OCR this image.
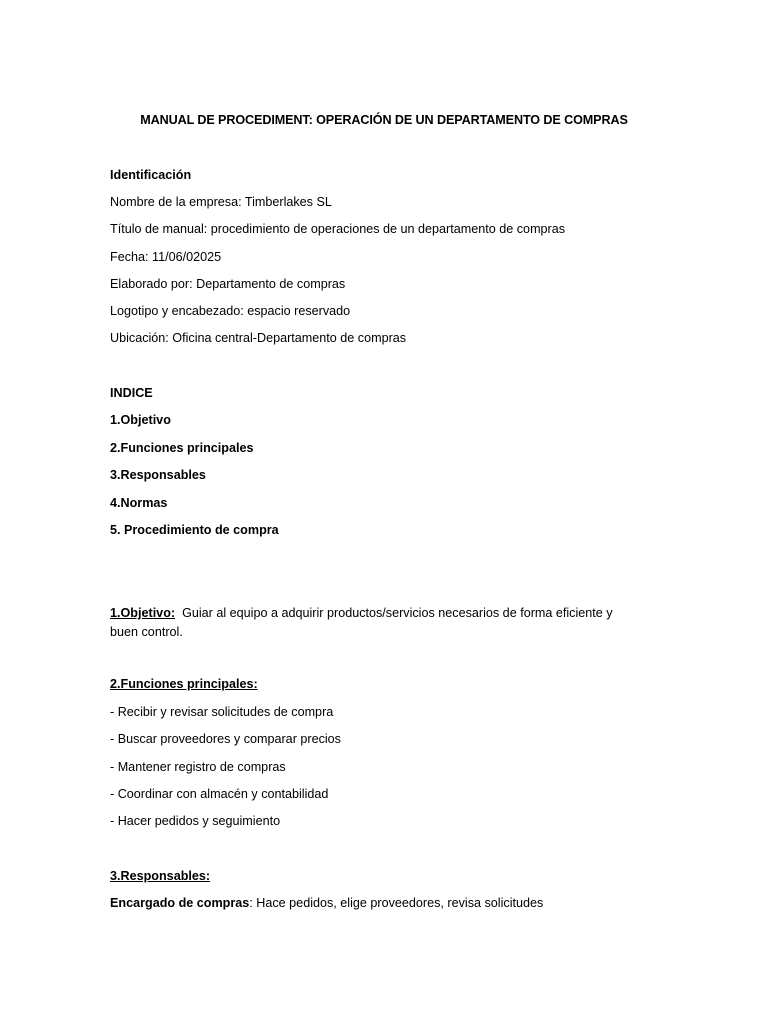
MANUAL DE PROCEDIMENT: OPERACIÓN DE UN DEPARTAMENTO DE COMPRAS
Identificación
Nombre de la empresa: Timberlakes SL
Título de manual: procedimiento de operaciones de un departamento de compras
Fecha: 11/06/02025
Elaborado por: Departamento de compras
Logotipo y encabezado: espacio reservado
Ubicación: Oficina central-Departamento de compras
INDICE
1.Objetivo
2.Funciones principales
3.Responsables
4.Normas
5. Procedimiento de compra
1.Objetivo: Guiar al equipo a adquirir productos/servicios necesarios de forma eficiente y buen control.
2.Funciones principales:
- Recibir y revisar solicitudes de compra
- Buscar proveedores y comparar precios
- Mantener registro de compras
- Coordinar con almacén y contabilidad
- Hacer pedidos y seguimiento
3.Responsables:
Encargado de compras: Hace pedidos, elige proveedores, revisa solicitudes
